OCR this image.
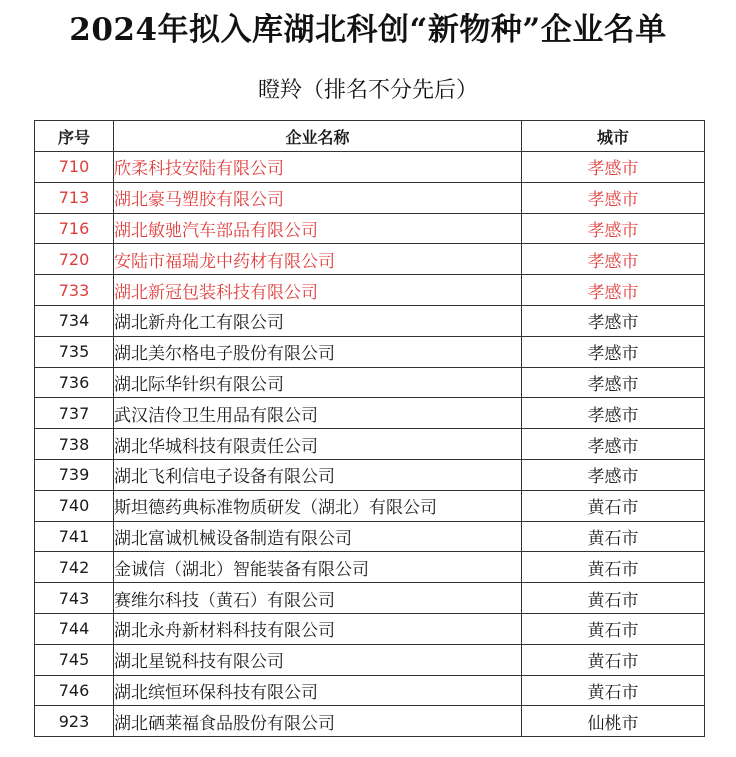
2024年拟入库湖北科创“新物种”企业名单
瞪羚（排名不分先后）
序号	企业名称	城市
710	欣柔科技安陆有限公司	孝感市
713	湖北豪马塑胶有限公司	孝感市
716	湖北敏驰汽车部品有限公司	孝感市
720	安陆市福瑞龙中药材有限公司	孝感市
733	湖北新冠包装科技有限公司	孝感市
734	湖北新舟化工有限公司	孝感市
735	湖北美尔格电子股份有限公司	孝感市
736	湖北际华针织有限公司	孝感市
737	武汉洁伶卫生用品有限公司	孝感市
738	湖北华城科技有限责任公司	孝感市
739	湖北飞利信电子设备有限公司	孝感市
740	斯坦德药典标准物质研发（湖北）有限公司	黄石市
741	湖北富诚机械设备制造有限公司	黄石市
742	金诚信（湖北）智能装备有限公司	黄石市
743	赛维尔科技（黄石）有限公司	黄石市
744	湖北永舟新材料科技有限公司	黄石市
745	湖北星锐科技有限公司	黄石市
746	湖北缤恒环保科技有限公司	黄石市
923	湖北硒莱福食品股份有限公司	仙桃市
